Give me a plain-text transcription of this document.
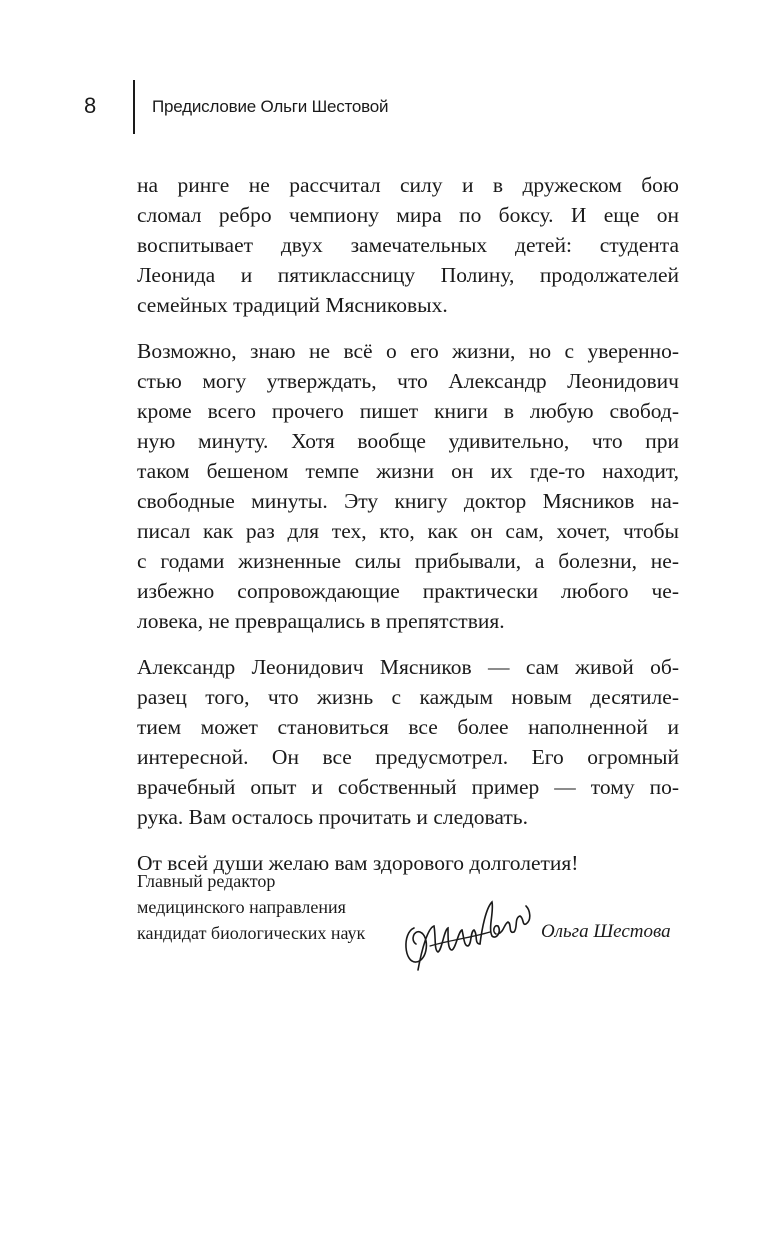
8	Предисловие Ольги Шестовой

на ринге не рассчитал силу и в дружеском бою
сломал ребро чемпиону мира по боксу. И еще он
воспитывает двух замечательных детей: студента
Леонида и пятиклассницу Полину, продолжателей
семейных традиций Мясниковых.

Возможно, знаю не всё о его жизни, но с увереннo-
стью могу утверждать, что Александр Леонидович
кроме всего прочего пишет книги в любую свобод-
ную минуту. Хотя вообще удивительно, что при
таком бешеном темпе жизни он их где-то находит,
свободные минуты. Эту книгу доктор Мясников на-
писал как раз для тех, кто, как он сам, хочет, чтобы
с годами жизненные силы прибывали, а болезни, не-
избежно сопровождающие практически любого че-
ловека, не превращались в препятствия.

Александр Леонидович Мясников — сам живой об-
разец того, что жизнь с каждым новым десятиле-
тием может становиться все более наполненной и
интересной. Он все предусмотрел. Его огромный
врачебный опыт и собственный пример — тому по-
рука. Вам осталось прочитать и следовать.

От всей души желаю вам здорового долголетия!

Главный редактор
медицинского направления
кандидат биологических наук	Ольга Шестова
